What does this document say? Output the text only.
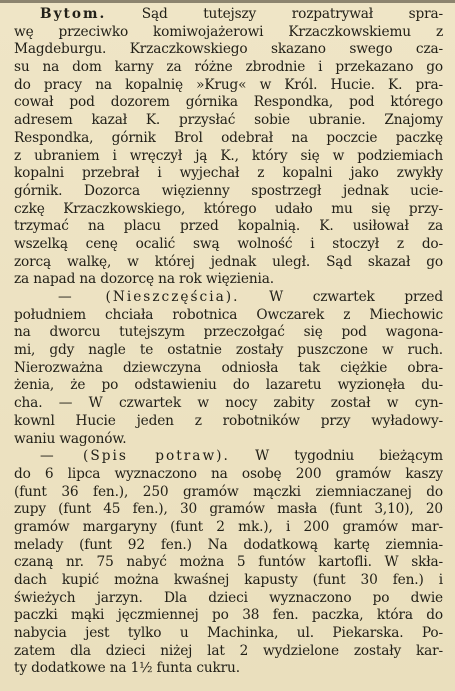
Bytom. Sąd tutejszy rozpatrywał spra-
wę przeciwko komiwojażerowi Krzaczkowskiemu z
Magdeburgu. Krzaczkowskiego skazano swego cza-
su na dom karny za różne zbrodnie i przekazano go
do pracy na kopalnię »Krug« w Król. Hucie. K. pra-
cował pod dozorem górnika Respondka, pod którego
adresem kazał K. przysłać sobie ubranie. Znajomy
Respondka, górnik Brol odebrał na poczcie paczkę
z ubraniem i wręczył ją K., który się w podziemiach
kopalni przebrał i wyjechał z kopalni jako zwykły
górnik. Dozorca więzienny spostrzegł jednak ucie-
czkę Krzaczkowskiego, którego udało mu się przy-
trzymać na placu przed kopalnią. K. usiłował za
wszelką cenę ocalić swą wolność i stoczył z do-
zorcą walkę, w której jednak uległ. Sąd skazał go
za napad na dozorcę na rok więzienia.
— (Nieszczęścia). W czwartek przed
południem chciała robotnica Owczarek z Miechowic
na dworcu tutejszym przeczołgać się pod wagona-
mi, gdy nagle te ostatnie zostały puszczone w ruch.
Nierozważna dziewczyna odniosła tak ciężkie obra-
żenia, że po odstawieniu do lazaretu wyzionęła du-
cha. — W czwartek w nocy zabity został w cyn-
kownl Hucie jeden z robotników przy wyładowy-
waniu wagonów.
— (Spis potraw). W tygodniu bieżącym
do 6 lipca wyznaczono na osobę 200 gramów kaszy
(funt 36 fen.), 250 gramów mączki ziemniaczanej do
zupy (funt 45 fen.), 30 gramów masła (funt 3,10), 20
gramów margaryny (funt 2 mk.), i 200 gramów mar-
melady (funt 92 fen.) Na dodatkową kartę ziemnia-
czaną nr. 75 nabyć można 5 funtów kartofli. W skła-
dach kupić można kwaśnej kapusty (funt 30 fen.) i
świeżych jarzyn. Dla dzieci wyznaczono po dwie
paczki mąki jęczmiennej po 38 fen. paczka, która do
nabycia jest tylko u Machinka, ul. Piekarska. Po-
zatem dla dzieci niżej lat 2 wydzielone zostały kar-
ty dodatkowe na 1½ funta cukru.
